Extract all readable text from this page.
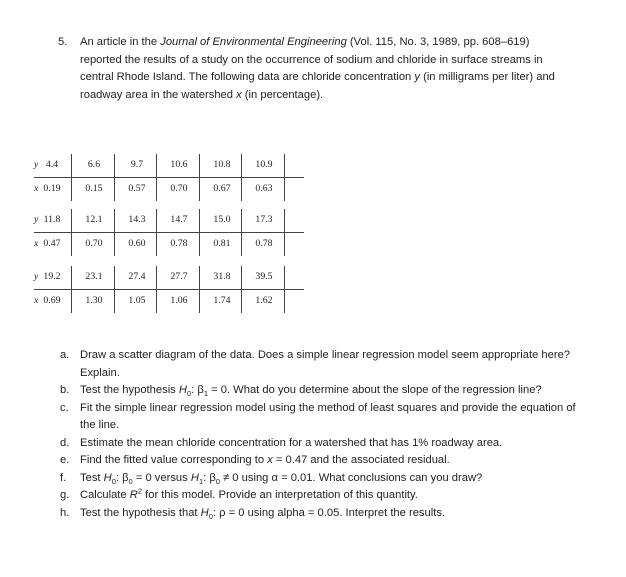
5. An article in the Journal of Environmental Engineering (Vol. 115, No. 3, 1989, pp. 608–619) reported the results of a study on the occurrence of sodium and chloride in surface streams in central Rhode Island. The following data are chloride concentration y (in milligrams per liter) and roadway area in the watershed x (in percentage).
y 4.4	6.6	9.7	10.6	10.8	10.9
x 0.19	0.15	0.57	0.70	0.67	0.63
y 11.8	12.1	14.3	14.7	15.0	17.3
x 0.47	0.70	0.60	0.78	0.81	0.78
y 19.2	23.1	27.4	27.7	31.8	39.5
x 0.69	1.30	1.05	1.06	1.74	1.62
a. Draw a scatter diagram of the data. Does a simple linear regression model seem appropriate here? Explain.
b. Test the hypothesis $H_0$: $\beta_1 = 0$. What do you determine about the slope of the regression line?
c. Fit the simple linear regression model using the method of least squares and provide the equation of the line.
d. Estimate the mean chloride concentration for a watershed that has 1% roadway area.
e. Find the fitted value corresponding to x = 0.47 and the associated residual.
f. Test $H_0$: $\beta_0 = 0$ versus $H_1$: $\beta_0 \ne 0$ using α = 0.01. What conclusions can you draw?
g. Calculate $R^2$ for this model. Provide an interpretation of this quantity.
h. Test the hypothesis that $H_0$: ρ = 0 using alpha = 0.05. Interpret the results.
